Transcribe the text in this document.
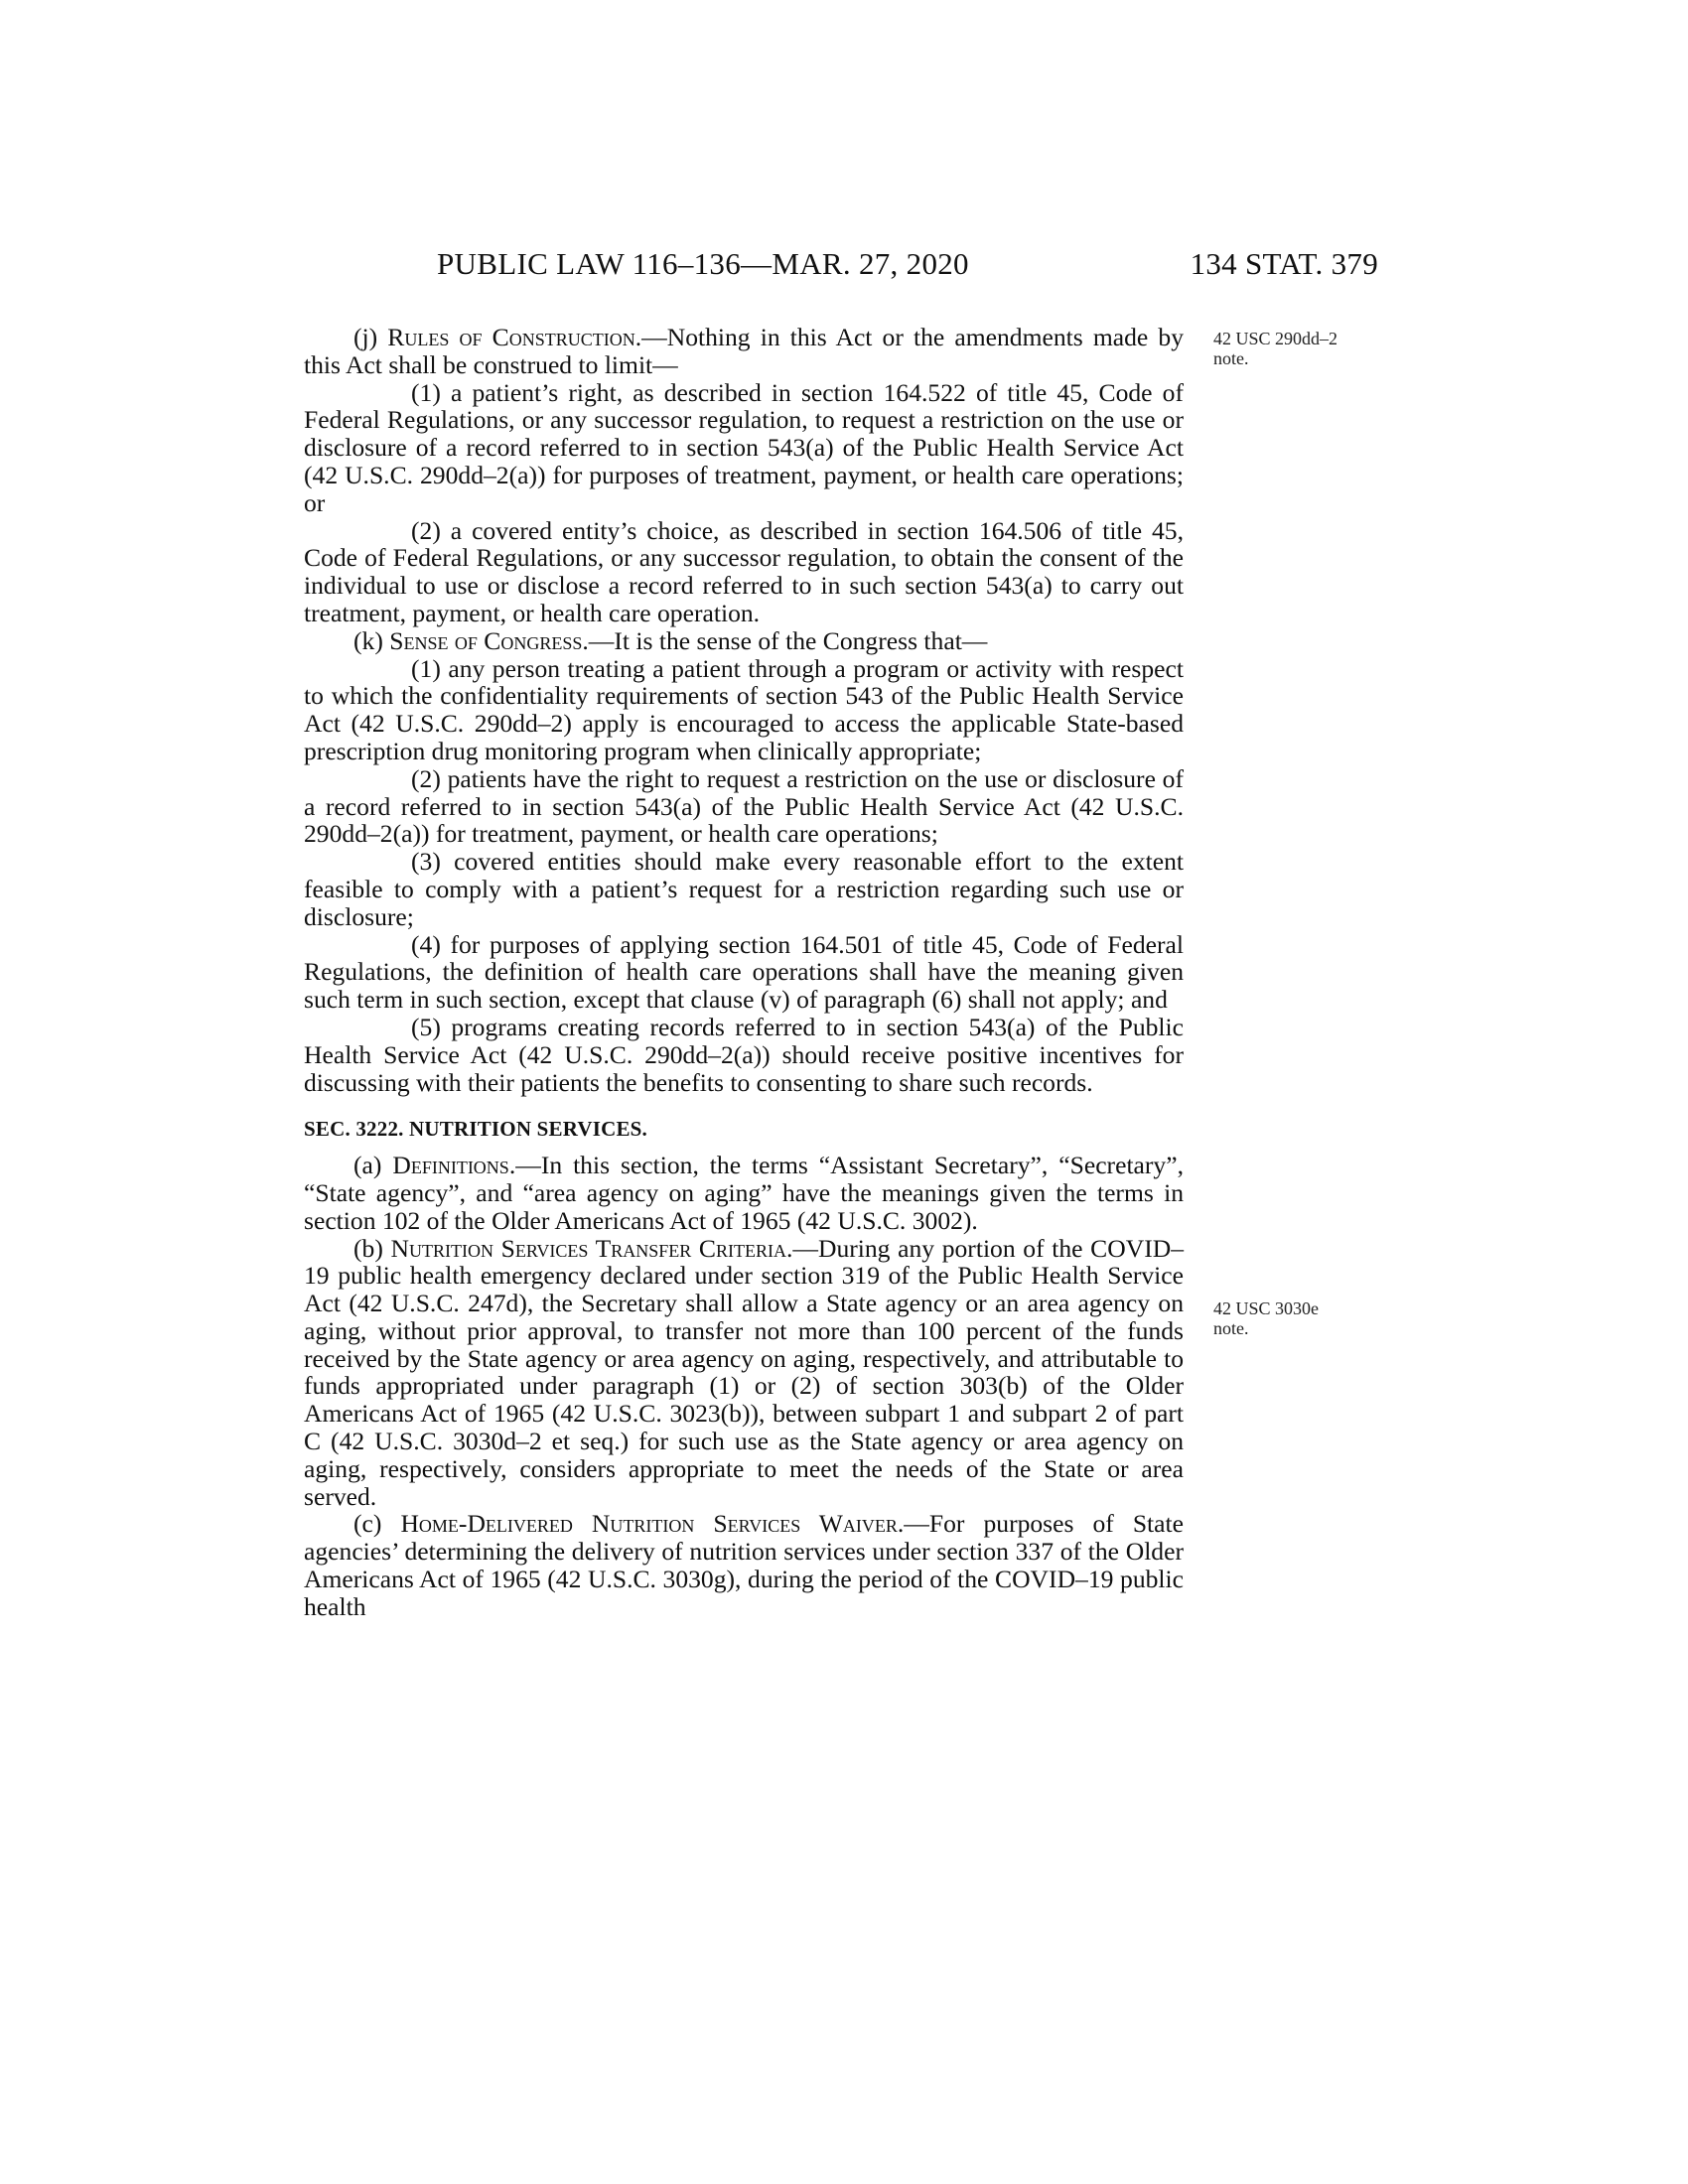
PUBLIC LAW 116–136—MAR. 27, 2020	134 STAT. 379
42 USC 290dd–2
note.
42 USC 3030e
note.

(j) Rules of Construction.—Nothing in this Act or the amendments made by this Act shall be construed to limit—

(1) a patient’s right, as described in section 164.522 of title 45, Code of Federal Regulations, or any successor regulation, to request a restriction on the use or disclosure of a record referred to in section 543(a) of the Public Health Service Act (42 U.S.C. 290dd–2(a)) for purposes of treatment, payment, or health care operations; or

(2) a covered entity’s choice, as described in section 164.506 of title 45, Code of Federal Regulations, or any successor regulation, to obtain the consent of the individual to use or disclose a record referred to in such section 543(a) to carry out treatment, payment, or health care operation.

(k) Sense of Congress.—It is the sense of the Congress that—

(1) any person treating a patient through a program or activity with respect to which the confidentiality requirements of section 543 of the Public Health Service Act (42 U.S.C. 290dd–2) apply is encouraged to access the applicable State-based prescription drug monitoring program when clinically appropriate;

(2) patients have the right to request a restriction on the use or disclosure of a record referred to in section 543(a) of the Public Health Service Act (42 U.S.C. 290dd–2(a)) for treatment, payment, or health care operations;

(3) covered entities should make every reasonable effort to the extent feasible to comply with a patient’s request for a restriction regarding such use or disclosure;

(4) for purposes of applying section 164.501 of title 45, Code of Federal Regulations, the definition of health care operations shall have the meaning given such term in such section, except that clause (v) of paragraph (6) shall not apply; and

(5) programs creating records referred to in section 543(a) of the Public Health Service Act (42 U.S.C. 290dd–2(a)) should receive positive incentives for discussing with their patients the benefits to consenting to share such records.

SEC. 3222. NUTRITION SERVICES.

(a) Definitions.—In this section, the terms “Assistant Secretary”, “Secretary”, “State agency”, and “area agency on aging” have the meanings given the terms in section 102 of the Older Americans Act of 1965 (42 U.S.C. 3002).

(b) Nutrition Services Transfer Criteria.—During any portion of the COVID–19 public health emergency declared under section 319 of the Public Health Service Act (42 U.S.C. 247d), the Secretary shall allow a State agency or an area agency on aging, without prior approval, to transfer not more than 100 percent of the funds received by the State agency or area agency on aging, respectively, and attributable to funds appropriated under paragraph (1) or (2) of section 303(b) of the Older Americans Act of 1965 (42 U.S.C. 3023(b)), between subpart 1 and subpart 2 of part C (42 U.S.C. 3030d–2 et seq.) for such use as the State agency or area agency on aging, respectively, considers appropriate to meet the needs of the State or area served.

(c) Home-Delivered Nutrition Services Waiver.—For purposes of State agencies’ determining the delivery of nutrition services under section 337 of the Older Americans Act of 1965 (42 U.S.C. 3030g), during the period of the COVID–19 public health
